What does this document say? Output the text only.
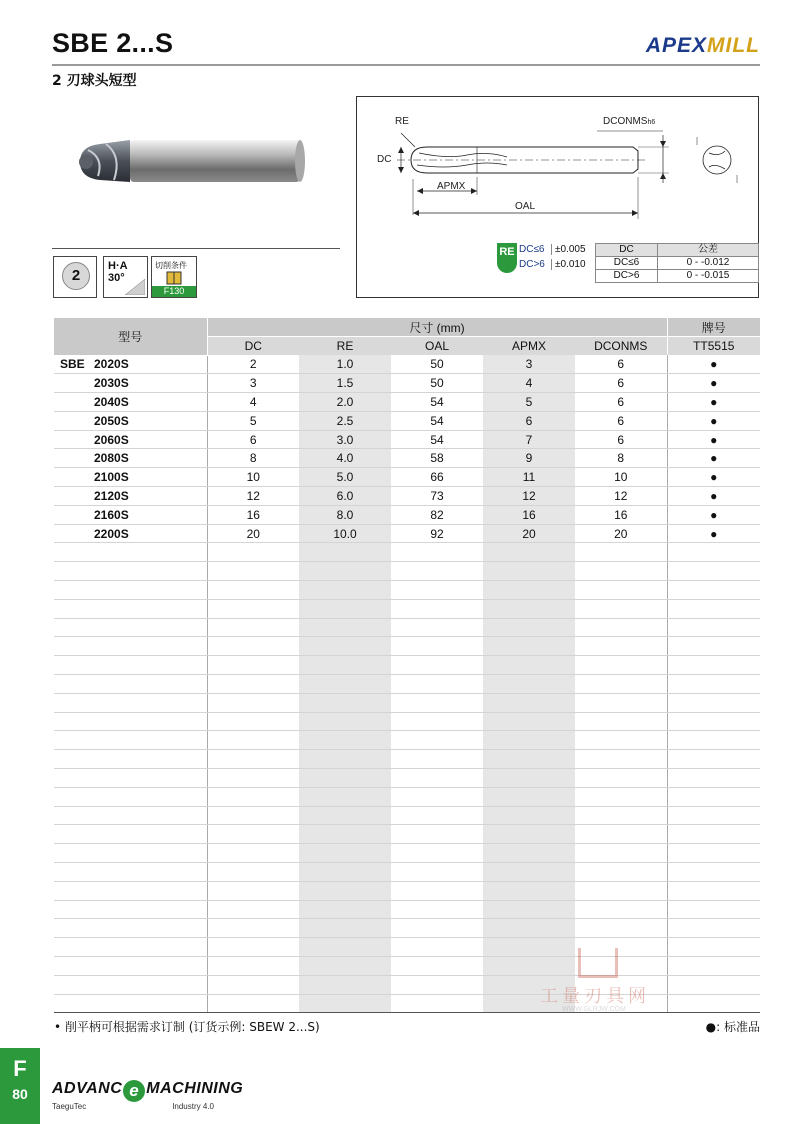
SBE 2...S	APEXMILL
2 刃球头短型
2
H·A
30°
切削条件
F130
RE
DC
DCONMSh6
APMX
OAL
RE DC≤6 ±0.005
DC>6 ±0.010
DC	公差
DC≤6	0 - -0.012
DC>6	0 - -0.015
型号	尺寸 (mm)					牌号
	DC	RE	OAL	APMX	DCONMS	TT5515

SBE 2020S	2	1.0	50	3	6	●
2030S	3	1.5	50	4	6	●
2040S	4	2.0	54	5	6	●
2050S	5	2.5	54	6	6	●
2060S	6	3.0	54	7	6	●
2080S	8	4.0	58	9	8	●
2100S	10	5.0	66	11	10	●
2120S	12	6.0	73	12	12	●
2160S	16	8.0	82	16	16	●
2200S	20	10.0	92	20	20	●

工量刃具网
WWW.GLRJW.COM
• 削平柄可根据需求订制 (订货示例: SBEW 2...S)	●: 标准品
F
80	ADVANC e MACHINING
TaeguTec	Industry 4.0
